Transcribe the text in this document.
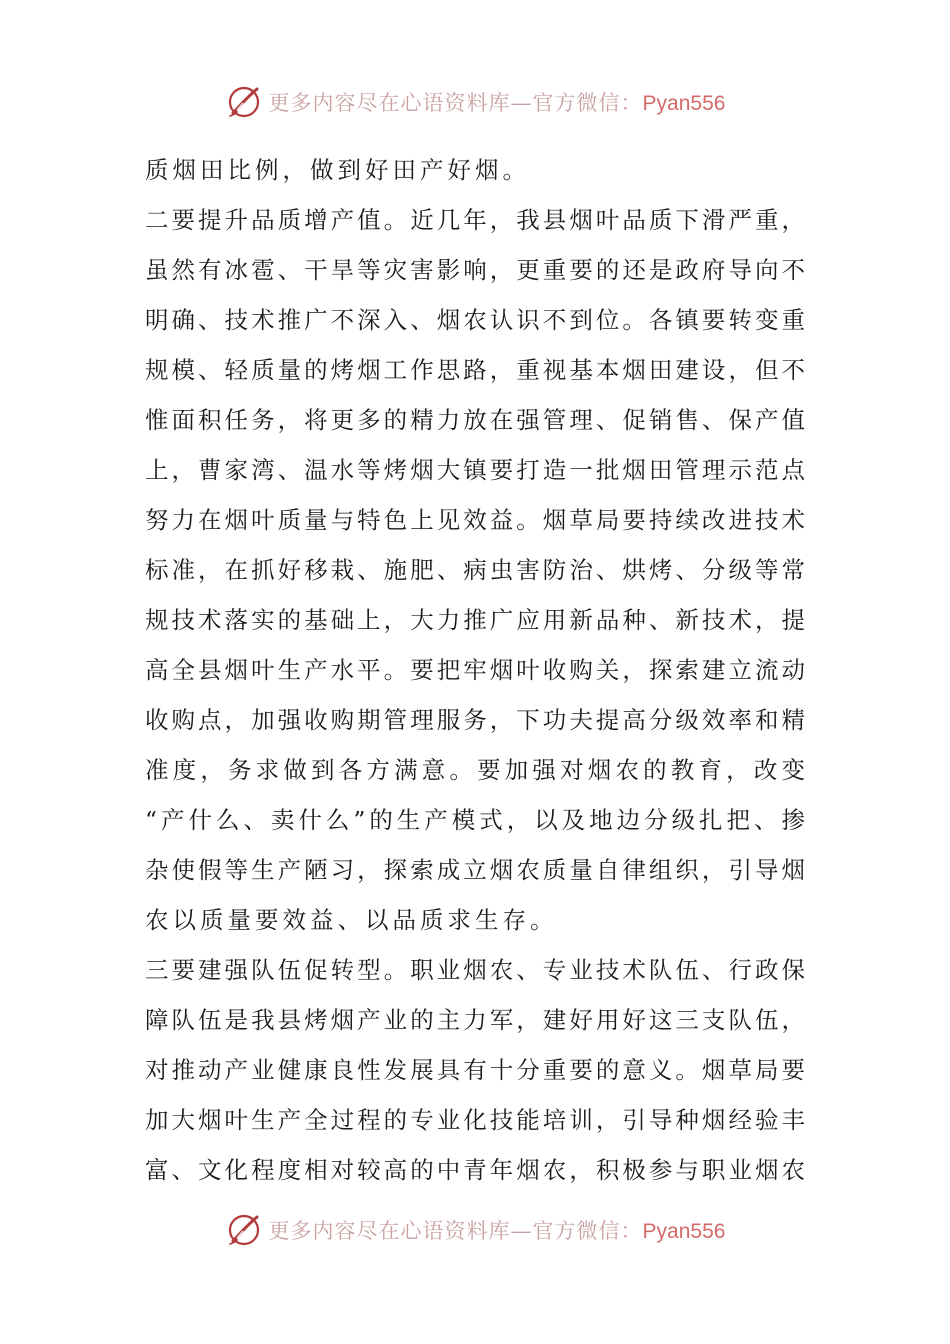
更多内容尽在心语资料库—官方微信：Pyan556
质烟田比例，做到好田产好烟。
二要提升品质增产值。近几年，我县烟叶品质下滑严重，
虽然有冰雹、干旱等灾害影响，更重要的还是政府导向不
明确、技术推广不深入、烟农认识不到位。各镇要转变重
规模、轻质量的烤烟工作思路，重视基本烟田建设，但不
惟面积任务，将更多的精力放在强管理、促销售、保产值
上，曹家湾、温水等烤烟大镇要打造一批烟田管理示范点
努力在烟叶质量与特色上见效益。烟草局要持续改进技术
标准，在抓好移栽、施肥、病虫害防治、烘烤、分级等常
规技术落实的基础上，大力推广应用新品种、新技术，提
高全县烟叶生产水平。要把牢烟叶收购关，探索建立流动
收购点，加强收购期管理服务，下功夫提高分级效率和精
准度，务求做到各方满意。要加强对烟农的教育，改变
“产什么、卖什么”的生产模式，以及地边分级扎把、掺
杂使假等生产陋习，探索成立烟农质量自律组织，引导烟
农以质量要效益、以品质求生存。
三要建强队伍促转型。职业烟农、专业技术队伍、行政保
障队伍是我县烤烟产业的主力军，建好用好这三支队伍，
对推动产业健康良性发展具有十分重要的意义。烟草局要
加大烟叶生产全过程的专业化技能培训，引导种烟经验丰
富、文化程度相对较高的中青年烟农，积极参与职业烟农
更多内容尽在心语资料库—官方微信：Pyan556
